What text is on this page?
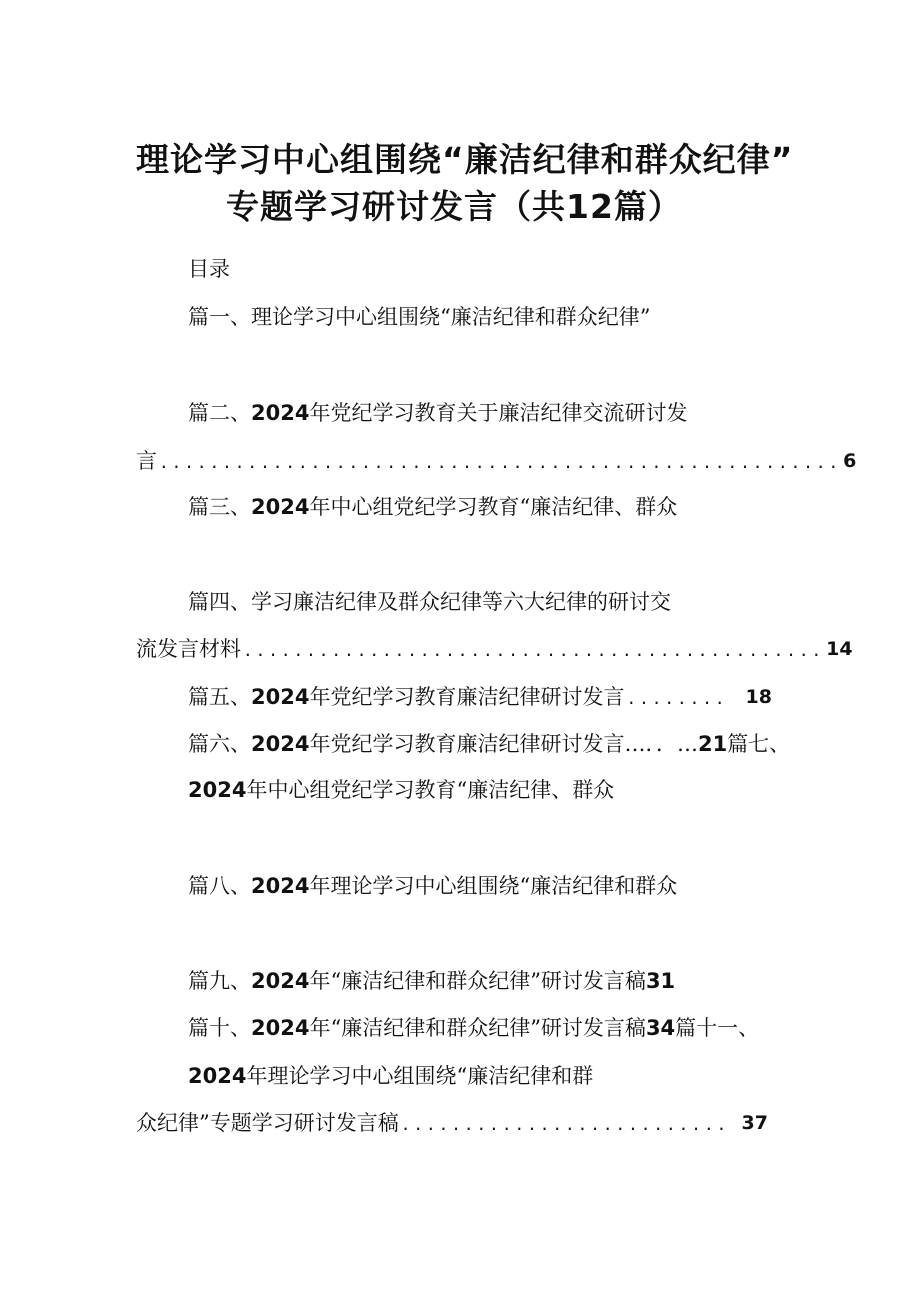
理论学习中心组围绕“廉洁纪律和群众纪律”
专题学习研讨发言（共12篇）
目录
篇一、理论学习中心组围绕“廉洁纪律和群众纪律”
篇二、2024年党纪学习教育关于廉洁纪律交流研讨发
言 ...................................................... 6
篇三、2024年中心组党纪学习教育“廉洁纪律、群众
篇四、学习廉洁纪律及群众纪律等六大纪律的研讨交
流发言材料 .............................................. 14
篇五、 2024 年党纪学习教育廉洁纪律研讨发言 ........ 18
篇六、2024年党纪学习教育廉洁纪律研讨发言…．．…21篇七、
2024年中心组党纪学习教育“廉洁纪律、群众
篇八、2024年理论学习中心组围绕“廉洁纪律和群众
篇九、2024年“廉洁纪律和群众纪律”研讨发言稿31
篇十、2024年“廉洁纪律和群众纪律”研讨发言稿34篇十一、
2024年理论学习中心组围绕“廉洁纪律和群
众纪律”专题学习研讨发言稿 .......................... 37
